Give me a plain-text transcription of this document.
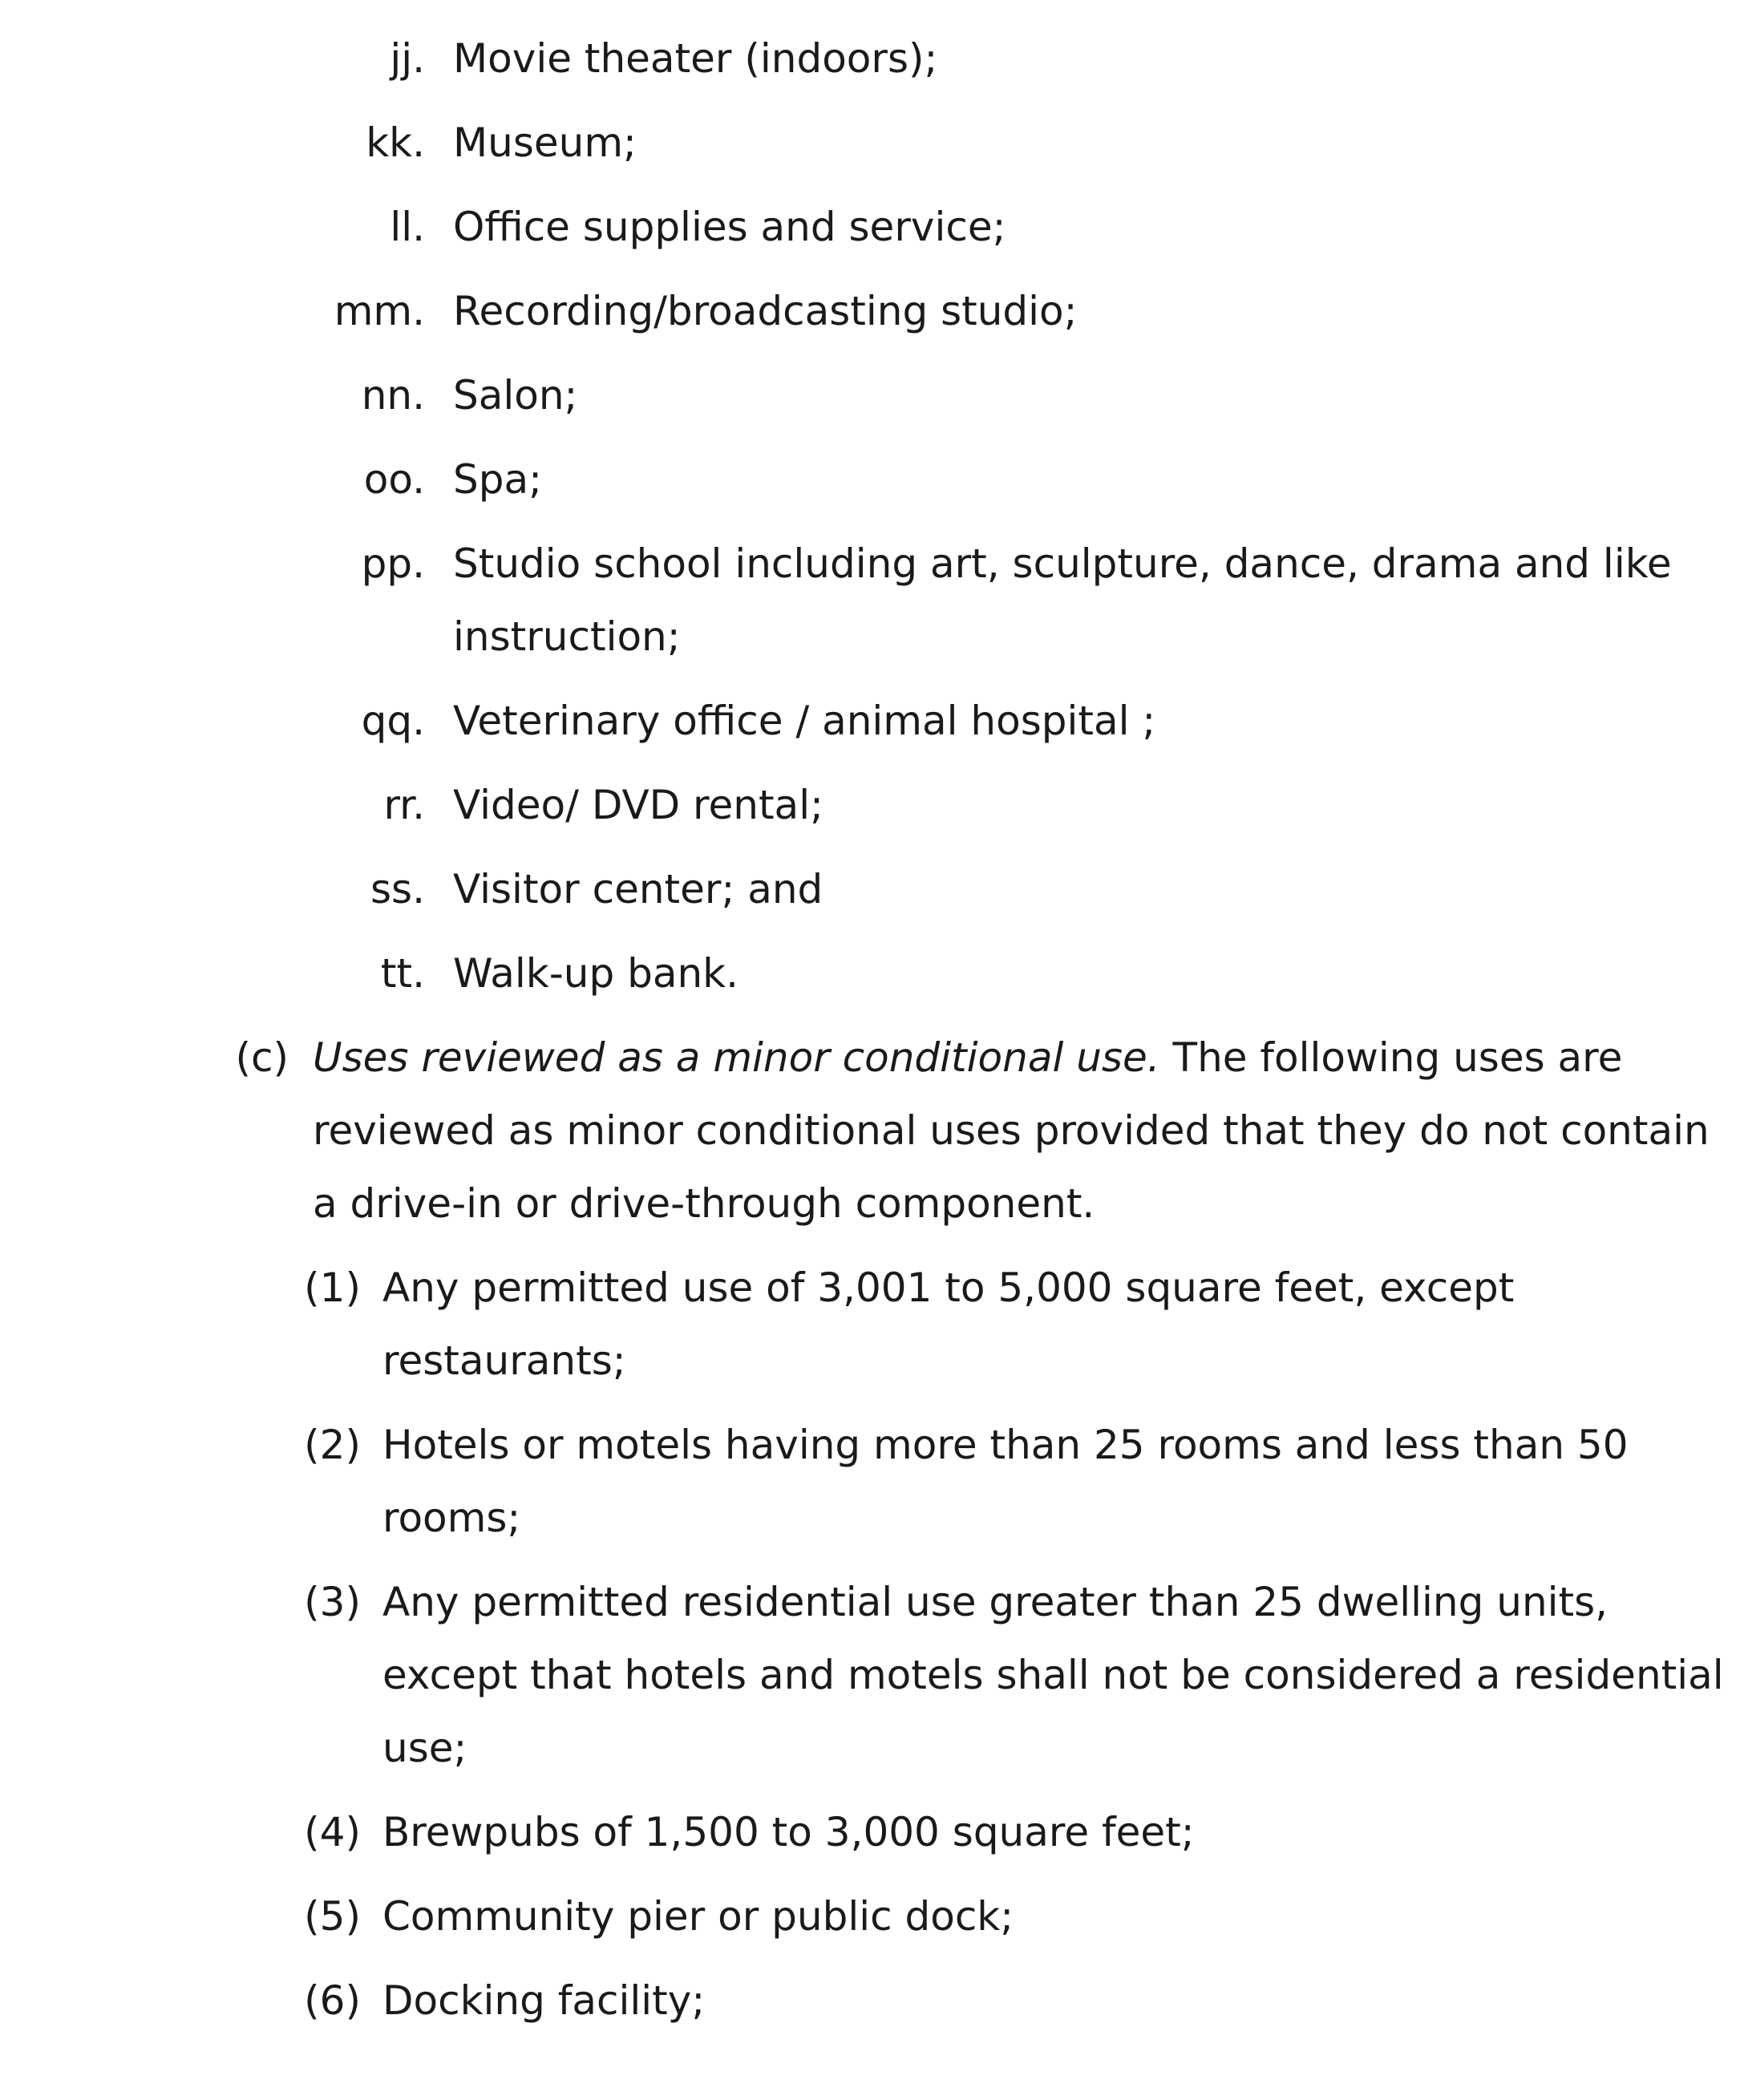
jj. Movie theater (indoors);
kk. Museum;
ll. Office supplies and service;
mm. Recording/broadcasting studio;
nn. Salon;
oo. Spa;
pp. Studio school including art, sculpture, dance, drama and like
instruction;
qq. Veterinary office / animal hospital ;
rr. Video/ DVD rental;
ss. Visitor center; and
tt. Walk-up bank.
(c) Uses reviewed as a minor conditional use. The following uses are
reviewed as minor conditional uses provided that they do not contain
a drive-in or drive-through component.
(1) Any permitted use of 3,001 to 5,000 square feet, except
restaurants;
(2) Hotels or motels having more than 25 rooms and less than 50
rooms;
(3) Any permitted residential use greater than 25 dwelling units,
except that hotels and motels shall not be considered a residential
use;
(4) Brewpubs of 1,500 to 3,000 square feet;
(5) Community pier or public dock;
(6) Docking facility;
